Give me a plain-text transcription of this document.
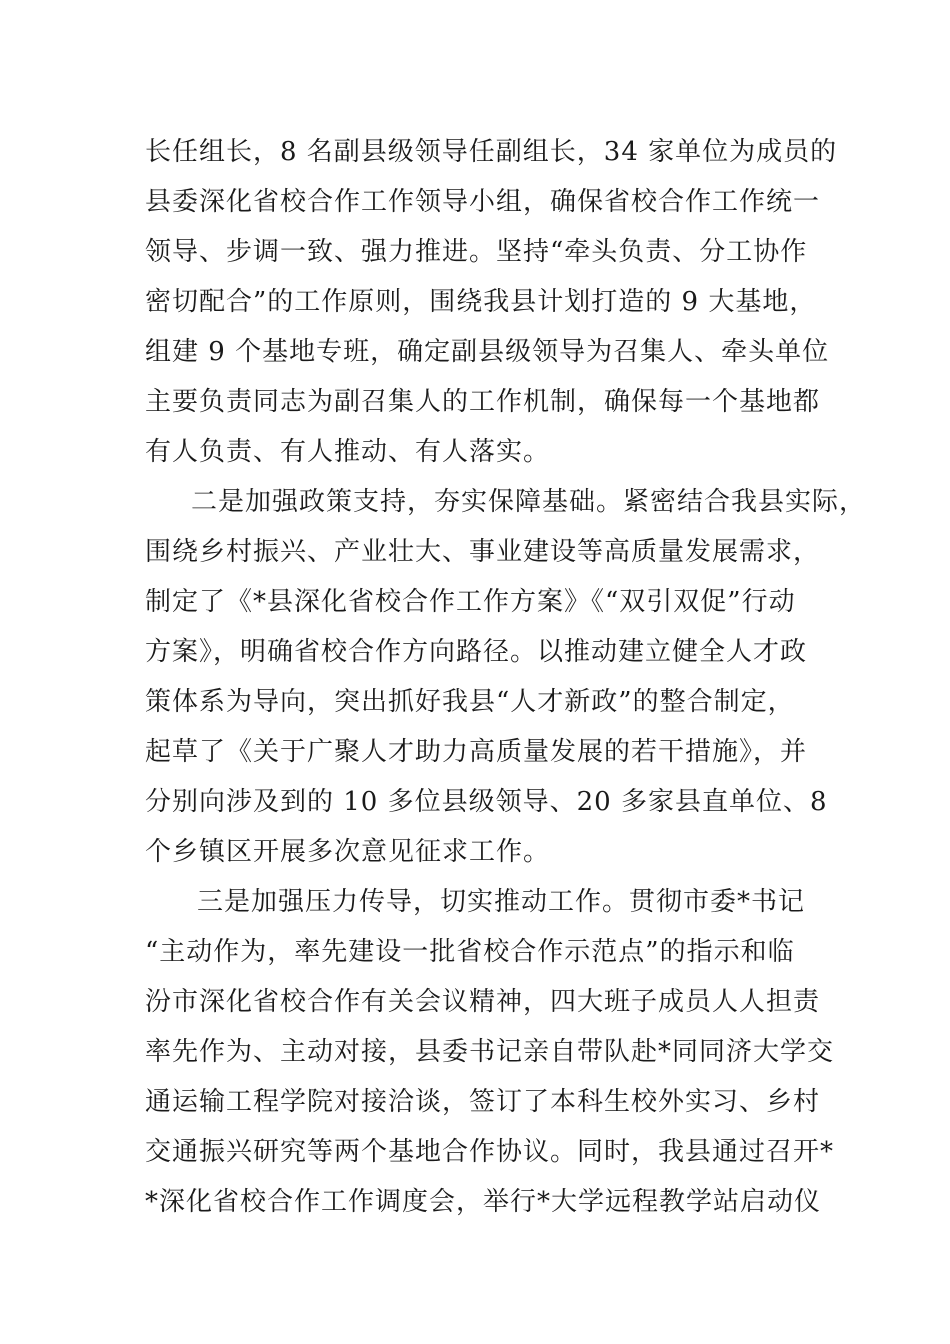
长任组长，8 名副县级领导任副组长，34 家单位为成员的
县委深化省校合作工作领导小组，确保省校合作工作统一
领导、步调一致、强力推进。坚持“牵头负责、分工协作
密切配合”的工作原则，围绕我县计划打造的 9 大基地，
组建 9 个基地专班，确定副县级领导为召集人、牵头单位
主要负责同志为副召集人的工作机制，确保每一个基地都
有人负责、有人推动、有人落实。
二是加强政策支持，夯实保障基础。紧密结合我县实际，
围绕乡村振兴、产业壮大、事业建设等高质量发展需求，
制定了《*县深化省校合作工作方案》《“双引双促”行动
方案》，明确省校合作方向路径。以推动建立健全人才政
策体系为导向，突出抓好我县“人才新政”的整合制定，
起草了《关于广聚人才助力高质量发展的若干措施》，并
分别向涉及到的 10 多位县级领导、20 多家县直单位、8
个乡镇区开展多次意见征求工作。
三是加强压力传导，切实推动工作。贯彻市委*书记
“主动作为，率先建设一批省校合作示范点”的指示和临
汾市深化省校合作有关会议精神，四大班子成员人人担责
率先作为、主动对接，县委书记亲自带队赴*同同济大学交
通运输工程学院对接洽谈，签订了本科生校外实习、乡村
交通振兴研究等两个基地合作协议。同时，我县通过召开*
*深化省校合作工作调度会，举行*大学远程教学站启动仪
